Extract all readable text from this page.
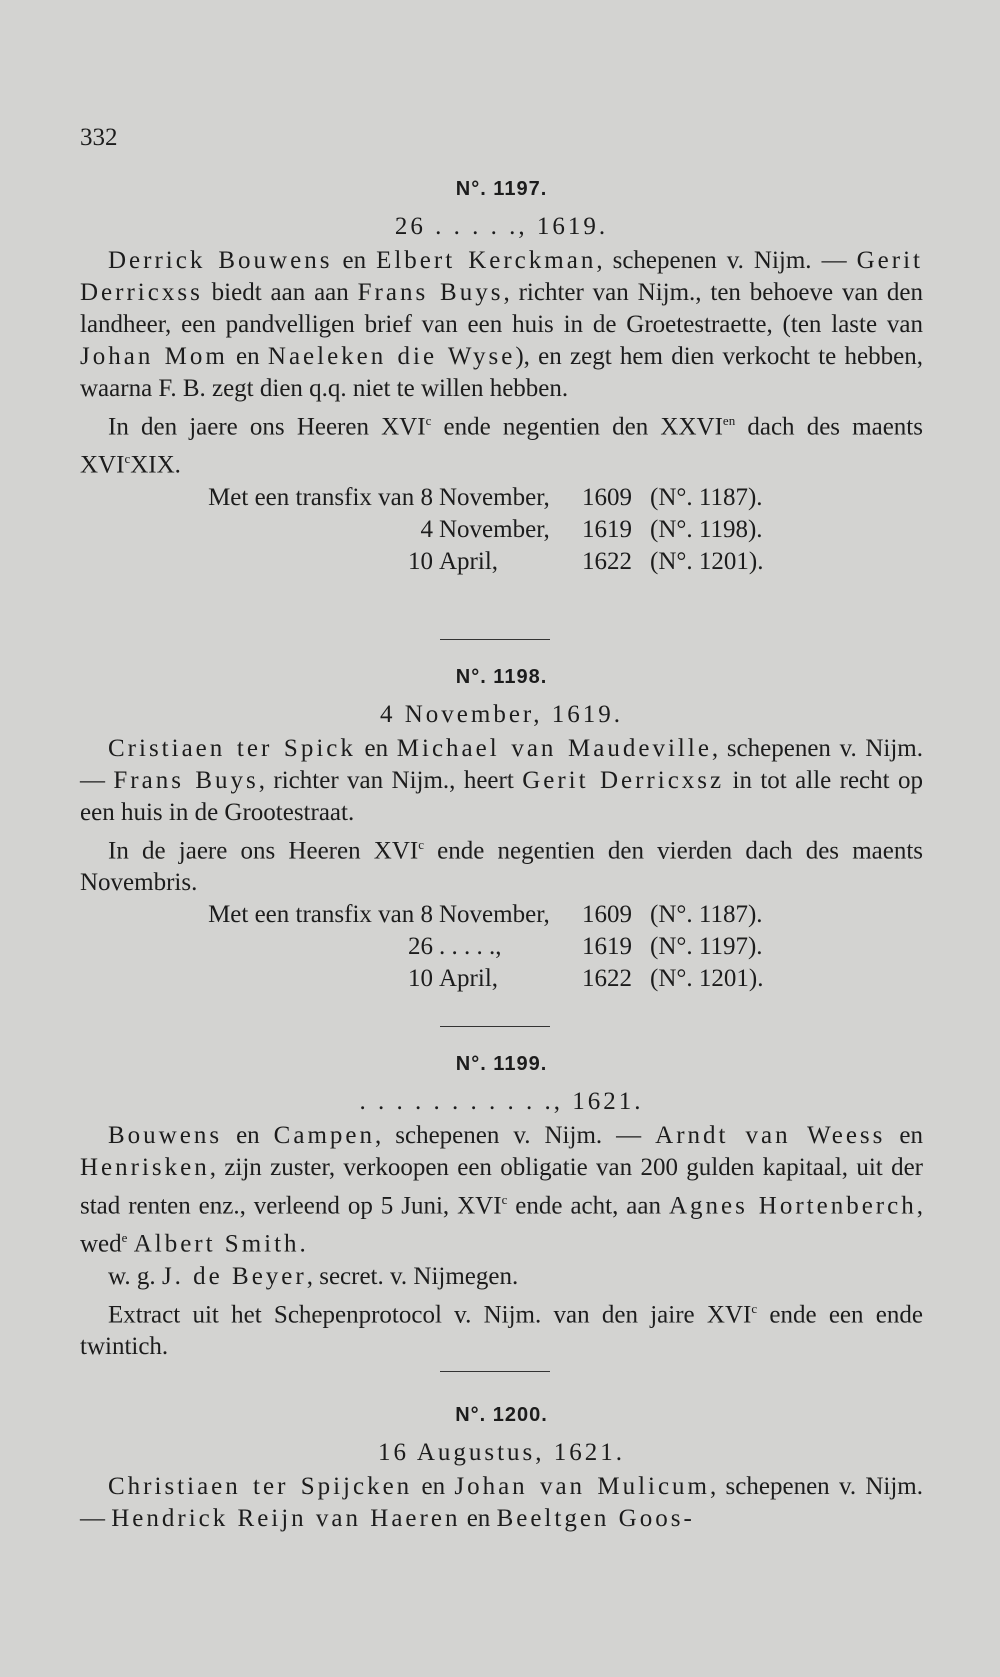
332
N°. 1197.
26 . . . . ., 1619.
Derrick Bouwens en Elbert Kerckman, schepenen v. Nijm. — Gerit Derricxss biedt aan aan Frans Buys, richter van Nijm., ten behoeve van den landheer, een pandvelligen brief van een huis in de Groetestraette, (ten laste van Johan Mom en Naeleken die Wyse), en zegt hem dien verkocht te hebben, waarna F. B. zegt dien q.q. niet te willen hebben.
In den jaere ons Heeren XVI$^c$ ende negentien den $XXVI^{en}$ dach des maents XVI$^c$XIX.
Met een transfix van 8 November,	1609 (N°. 1187).
4 November,	1619 (N°. 1198).
10 April,	1622 (N°. 1201).
N°. 1198.
4 November, 1619.
Cristiaen ter Spick en Michael van Maudeville, schepenen v. Nijm. — Frans Buys, richter van Nijm., heert Gerit Derricxsz in tot alle recht op een huis in de Grootestraat.
In de jaere ons Heeren XVI$^c$ ende negentien den vierden dach des maents Novembris.
Met een transfix van 8 November,	1609 (N°. 1187).
26 . . . . .,	1619 (N°. 1197).
10 April,	1622 (N°. 1201).
N°. 1199.
. . . . . . . . . . ., 1621.
Bouwens en Campen, schepenen v. Nijm. — Arndt van Weess en Henrisken, zijn zuster, verkoopen een obligatie van 200 gulden kapitaal, uit der stad renten enz., verleend op 5 Juni, XVI$^c$ ende acht, aan Agnes Hortenberch, wed$^e$ Albert Smith.
w. g. J. de Beyer, secret. v. Nijmegen.
Extract uit het Schepenprotocol v. Nijm. van den jaire XVI$^c$ ende een ende twintich.
N°. 1200.
16 Augustus, 1621.
Christiaen ter Spijcken en Johan van Mulicum, schepenen v. Nijm. — Hendrick Reijn van Haeren en Beeltgen Goos-
